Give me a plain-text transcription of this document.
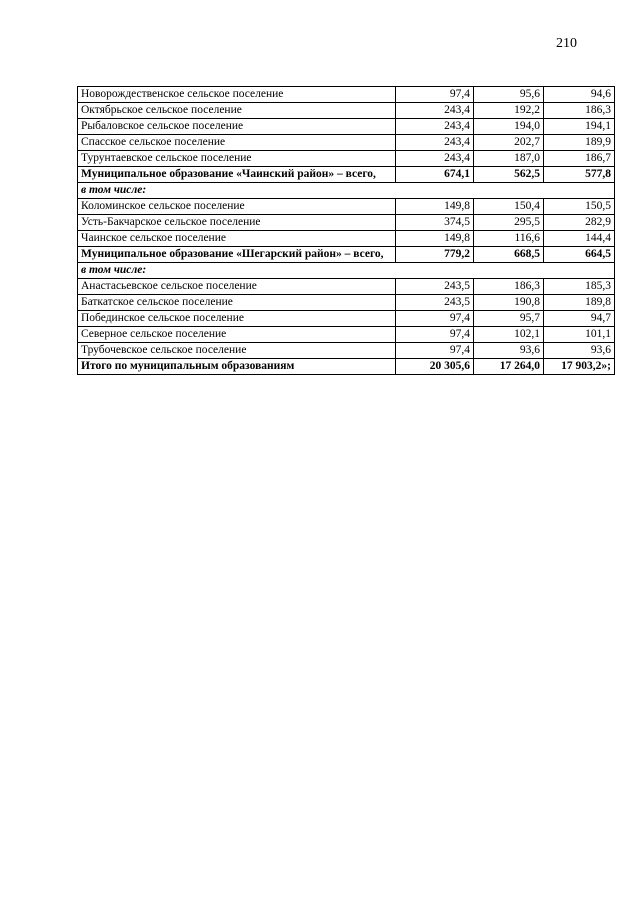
210
Новорождественское сельское поселение	97,4	95,6	94,6
Октябрьское сельское поселение	243,4	192,2	186,3
Рыбаловское сельское поселение	243,4	194,0	194,1
Спасское сельское поселение	243,4	202,7	189,9
Турунтаевское сельское поселение	243,4	187,0	186,7
Муниципальное образование «Чаинский район» – всего,	674,1	562,5	577,8
в том числе:			
Коломинское сельское поселение	149,8	150,4	150,5
Усть-Бакчарское сельское поселение	374,5	295,5	282,9
Чаинское сельское поселение	149,8	116,6	144,4
Муниципальное образование «Шегарский район» – всего,	779,2	668,5	664,5
в том числе:			
Анастасьевское сельское поселение	243,5	186,3	185,3
Баткатское сельское поселение	243,5	190,8	189,8
Побединское сельское поселение	97,4	95,7	94,7
Северное сельское поселение	97,4	102,1	101,1
Трубочевское сельское поселение	97,4	93,6	93,6
Итого по муниципальным образованиям	20 305,6	17 264,0	17 903,2»;
